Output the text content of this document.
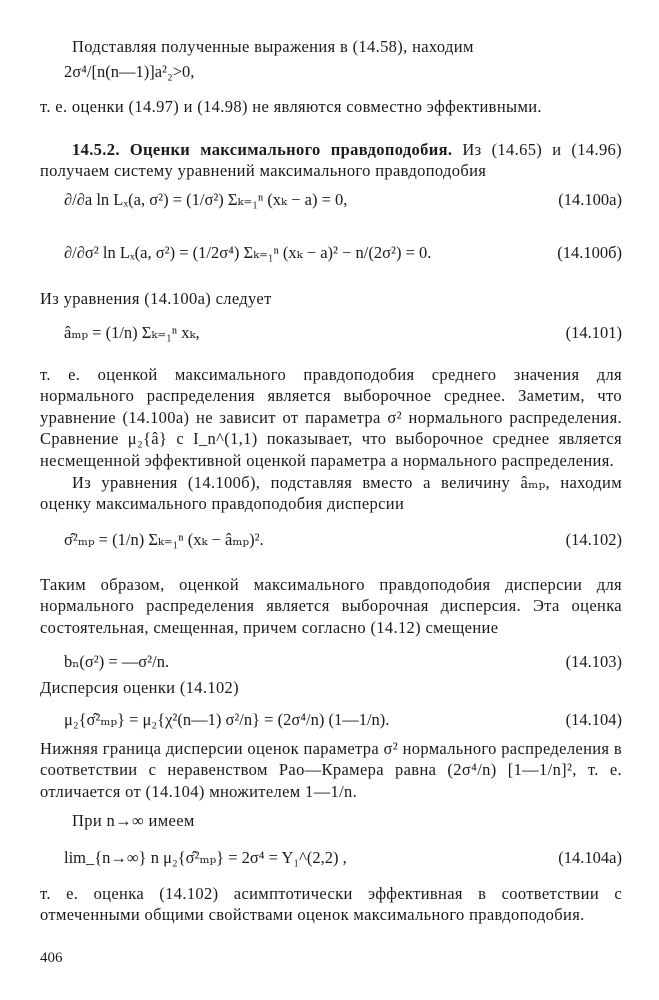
Подставляя полученные выражения в (14.58), находим
2σ⁴/[n(n—1)]a²₂>0,
т. е. оценки (14.97) и (14.98) не являются совместно эффективными.
14.5.2. Оценки максимального правдоподобия. Из (14.65) и (14.96) получаем систему уравнений максимального правдоподобия
∂/∂a ln Lₓ(a, σ²) = (1/σ²) Σₖ₌₁ⁿ (xₖ − a) = 0,	(14.100а)
∂/∂σ² ln Lₓ(a, σ²) = (1/2σ⁴) Σₖ₌₁ⁿ (xₖ − a)² − n/(2σ²) = 0.	(14.100б)
Из уравнения (14.100а) следует
âₘₚ = (1/n) Σₖ₌₁ⁿ xₖ,	(14.101)
т. е. оценкой максимального правдоподобия среднего значения для нормального распределения является выборочное среднее. Заметим, что уравнение (14.100а) не зависит от параметра σ² нормального распределения. Сравнение μ₂{â} с I_n^(1,1) показывает, что выборочное среднее является несмещенной эффективной оценкой параметра a нормального распределения.
Из уравнения (14.100б), подставляя вместо a величину âₘₚ, находим оценку максимального правдоподобия дисперсии
σ̂²ₘₚ = (1/n) Σₖ₌₁ⁿ (xₖ − âₘₚ)².	(14.102)
Таким образом, оценкой максимального правдоподобия дисперсии для нормального распределения является выборочная дисперсия. Эта оценка состоятельная, смещенная, причем согласно (14.12) смещение
bₙ(σ²) = —σ²/n.	(14.103)
Дисперсия оценки (14.102)
μ₂{σ̂²ₘₚ} = μ₂{χ²(n—1) σ²/n} = (2σ⁴/n) (1—1/n).	(14.104)
Нижняя граница дисперсии оценок параметра σ² нормального распределения в соответствии с неравенством Рао—Крамера равна (2σ⁴/n) [1—1/n]², т. е. отличается от (14.104) множителем 1—1/n.
При n→∞ имеем
lim_{n→∞} n μ₂{σ̂²ₘₚ} = 2σ⁴ = Υ₁^(2,2) ,	(14.104а)
т. е. оценка (14.102) асимптотически эффективная в соответствии с отмеченными общими свойствами оценок максимального правдоподобия.
406
